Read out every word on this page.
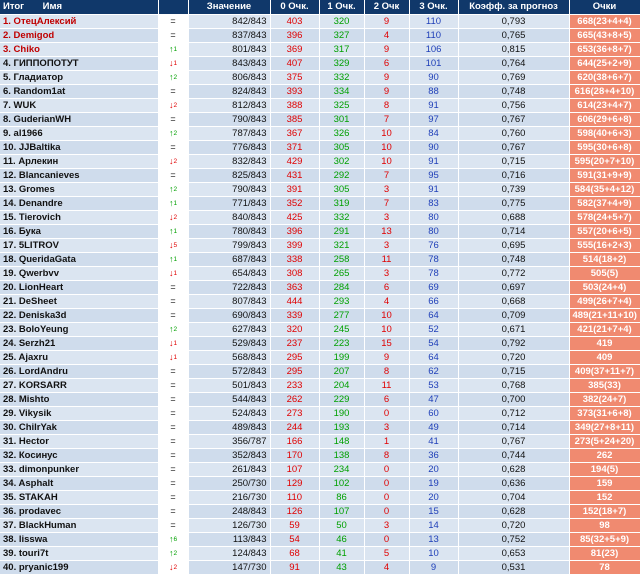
Итог Имя		Значение	0 Очк.	1 Очк.	2 Очк	3 Очк.	Коэфф. за прогноз	Очки
1. ОтецАлексий	=	842/843	403	320	9	110	0,793	668(23+4+4)
2. Demigod	=	837/843	396	327	4	110	0,765	665(43+8+5)
3. Chiko	↑$^1$	801/843	369	317	9	106	0,815	653(36+8+7)
4. ГИППОПОТУТ	↓$^1$	843/843	407	329	6	101	0,764	644(25+2+9)
5. Гладиатор	↑$^2$	806/843	375	332	9	90	0,769	620(38+6+7)
6. Random1at	=	824/843	393	334	9	88	0,748	616(28+4+10)
7. WUK	↓$^2$	812/843	388	325	8	91	0,756	614(23+4+7)
8. GuderianWH	=	790/843	385	301	7	97	0,767	606(29+6+8)
9. al1966	↑$^2$	787/843	367	326	10	84	0,760	598(40+6+3)
10. JJBaltika	=	776/843	371	305	10	90	0,767	595(30+6+8)
11. Арлекин	↓$^2$	832/843	429	302	10	91	0,715	595(20+7+10)
12. Blancanieves	=	825/843	431	292	7	95	0,716	591(31+9+9)
13. Gromes	↑$^2$	790/843	391	305	3	91	0,739	584(35+4+12)
14. Denandre	↑$^1$	771/843	352	319	7	83	0,775	582(37+4+9)
15. Tierovich	↓$^2$	840/843	425	332	3	80	0,688	578(24+5+7)
16. Бука	↑$^1$	780/843	396	291	13	80	0,714	557(20+6+5)
17. 5LITROV	↓$^5$	799/843	399	321	3	76	0,695	555(16+2+3)
18. QueridaGata	↑$^1$	687/843	338	258	11	78	0,748	514(18+2)
19. Qwerbvv	↓$^1$	654/843	308	265	3	78	0,772	505(5)
20. LionHeart	=	722/843	363	284	6	69	0,697	503(24+4)
21. DeSheet	=	807/843	444	293	4	66	0,668	499(26+7+4)
22. Deniska3d	=	690/843	339	277	10	64	0,709	489(21+11+10)
23. BoloYeung	↑$^2$	627/843	320	245	10	52	0,671	421(21+7+4)
24. Serzh21	↓$^1$	529/843	237	223	15	54	0,792	419
25. Ajaxru	↓$^1$	568/843	295	199	9	64	0,720	409
26. LordAndru	=	572/843	295	207	8	62	0,715	409(37+11+7)
27. KORSARR	=	501/843	233	204	11	53	0,768	385(33)
28. Mishto	=	544/843	262	229	6	47	0,700	382(24+7)
29. Vikysik	=	524/843	273	190	0	60	0,712	373(31+6+8)
30. ChilrYak	=	489/843	244	193	3	49	0,714	349(27+8+11)
31. Hector	=	356/787	166	148	1	41	0,767	273(5+24+20)
32. Косинус	=	352/843	170	138	8	36	0,744	262
33. dimonpunker	=	261/843	107	234	0	20	0,628	194(5)
34. Asphalt	=	250/730	129	102	0	19	0,636	159
35. STAKAH	=	216/730	110	86	0	20	0,704	152
36. prodavec	=	248/843	126	107	0	15	0,628	152(18+7)
37. BlackHuman	=	126/730	59	50	3	14	0,720	98
38. lisswa	↑$^6$	113/843	54	46	0	13	0,752	85(32+5+9)
39. touri7t	↑$^2$	124/843	68	41	5	10	0,653	81(23)
40. pryanic199	↓$^2$	147/730	91	43	4	9	0,531	78
